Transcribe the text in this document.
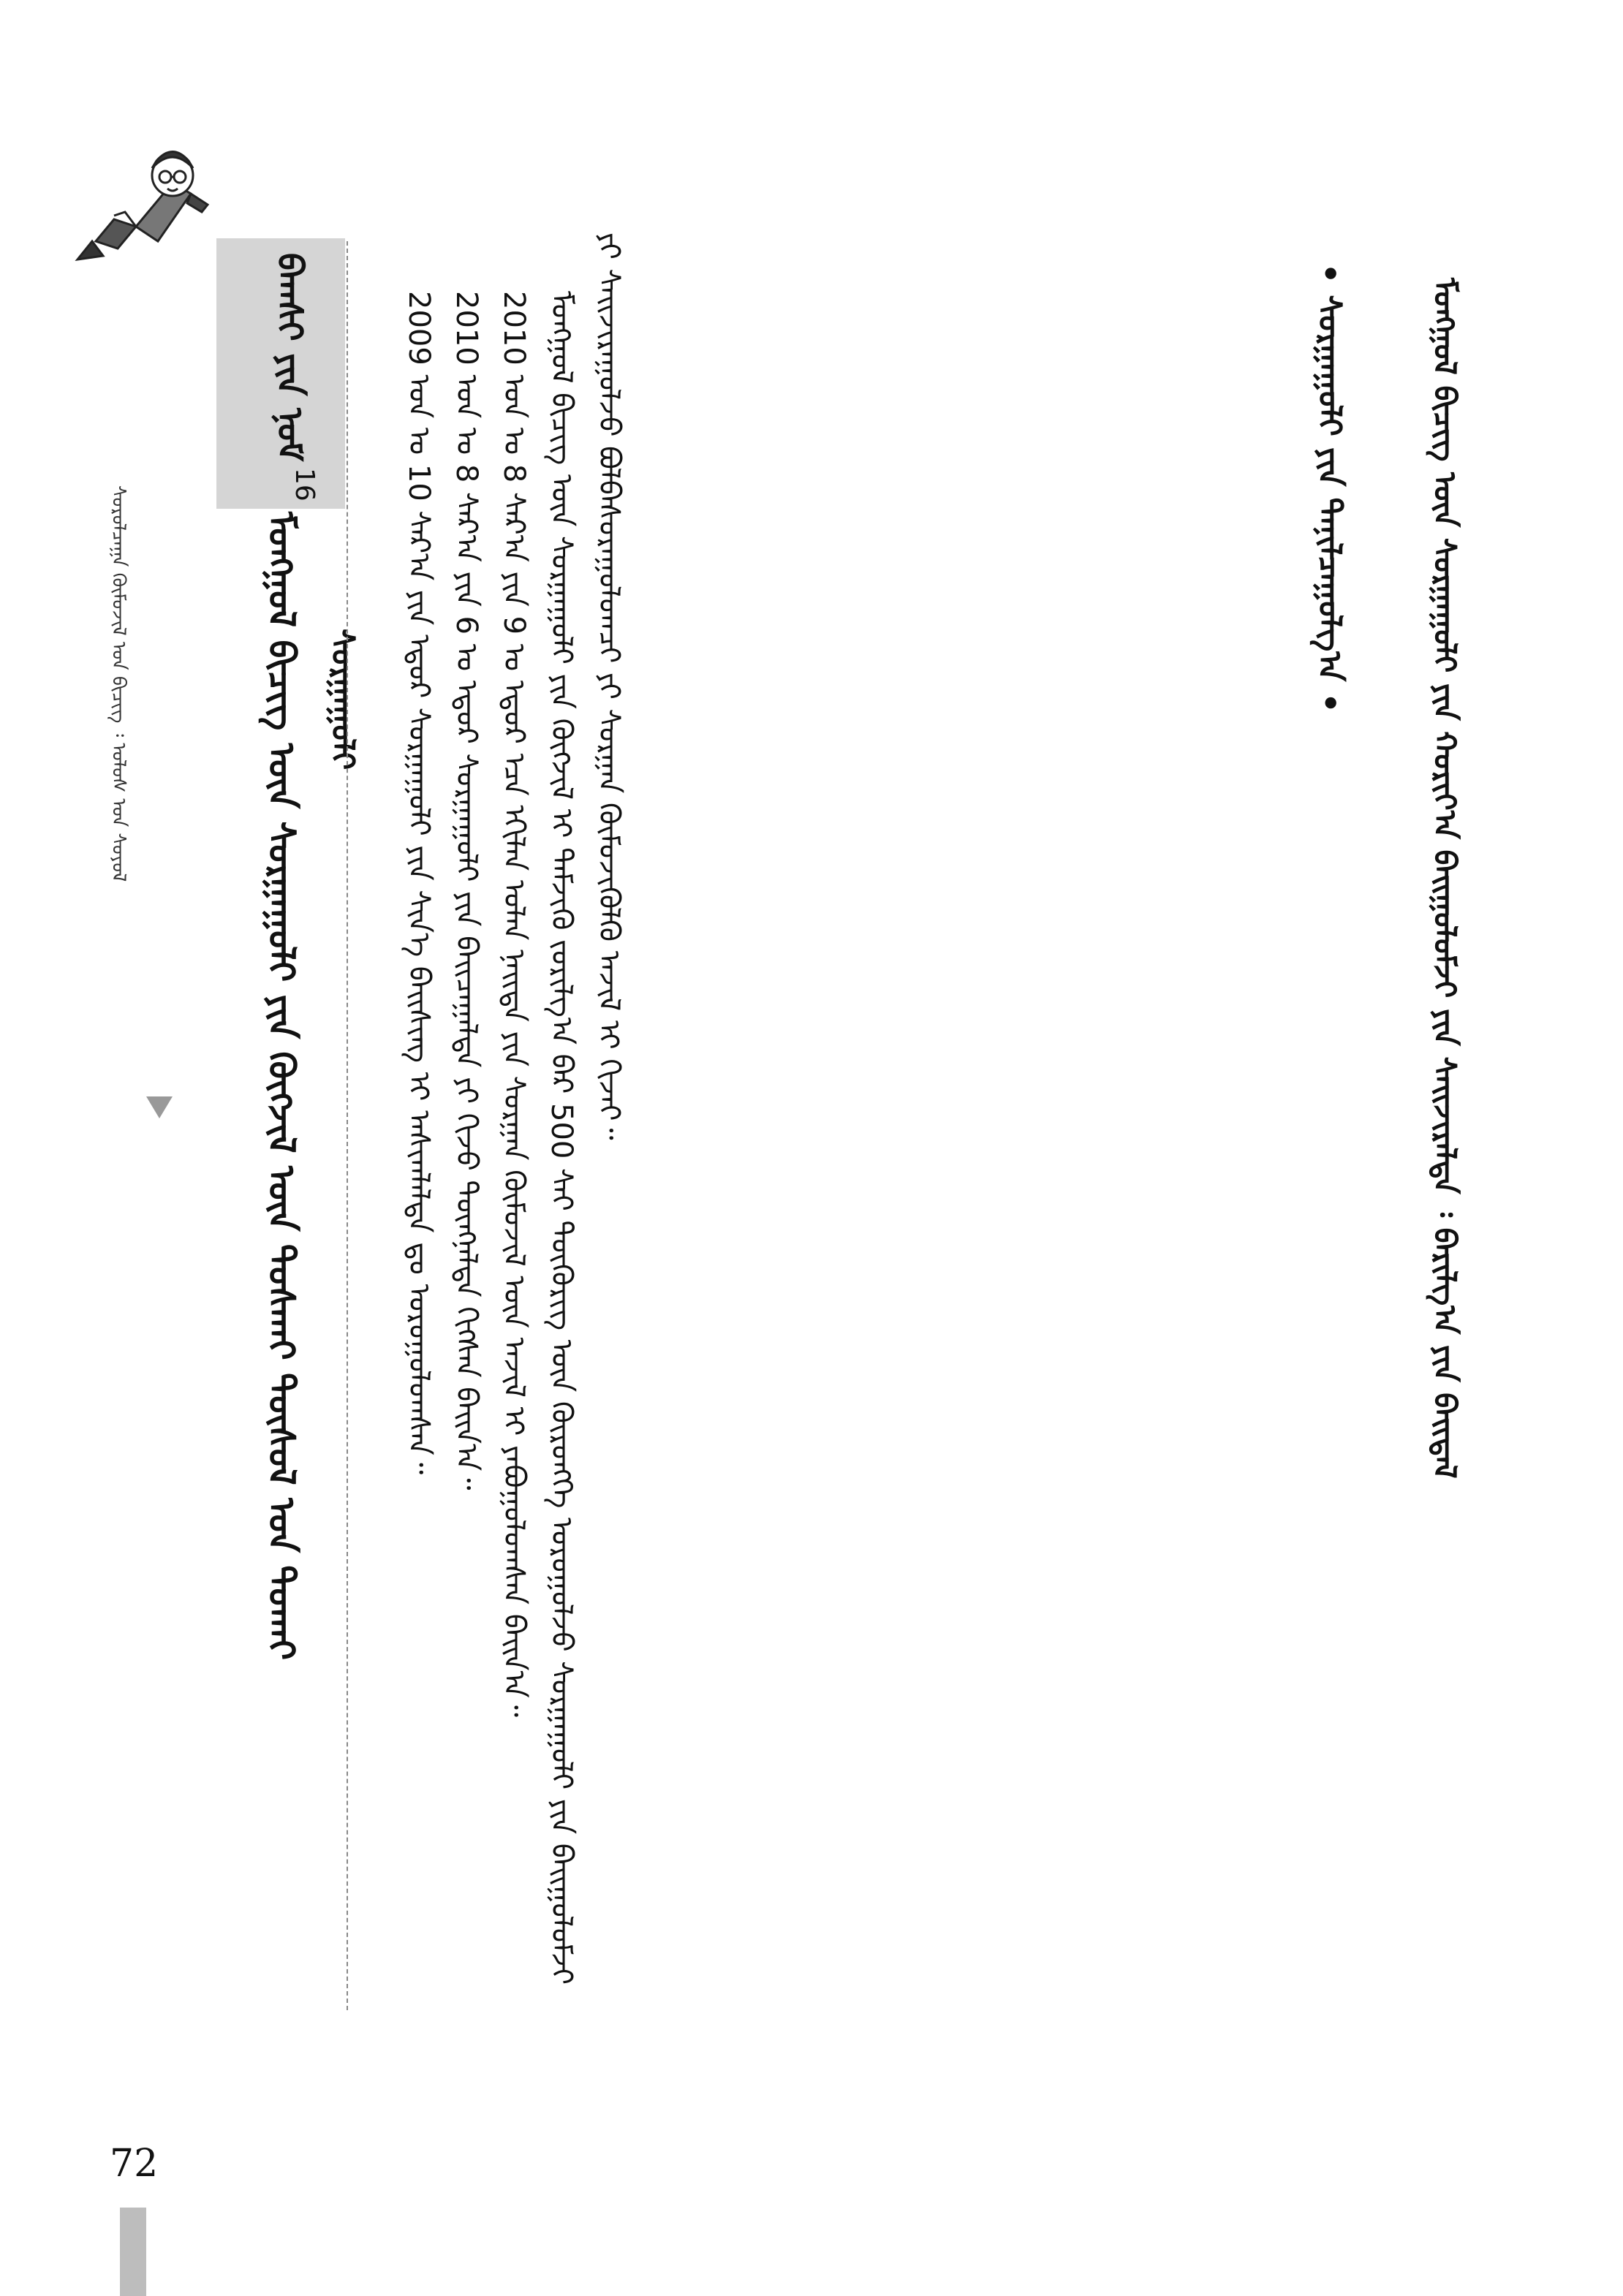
ᠰᠤᠷᠤᠯᠴᠠᠭᠠ ᠬᠥᠮᠦᠵᠢᠯ ᠤᠨ ᠪᠢᠴᠢᠭ ᠄ ᠤᠯᠤᠰ ᠤᠨ ᠰᠣᠶᠣᠯ
ᠪᠠᠭᠰᠢ ᠶᠢᠨ ᠨᠣᠮ
16
ᠮᠣᠩᠭᠣᠯ ᠪᠢᠴᠢᠭ ᠦᠨ ᠰᠤᠷᠭᠠᠭᠤᠯᠢ ᠶᠢᠨ ᠬᠥᠭᠵᠢᠯ ᠦᠨ ᠲᠤᠰᠬᠠᠢ ᠲᠥᠰᠥᠯ ᠤᠨ ᠲᠤᠬᠠᠢ ᠰᠤᠷᠭᠠᠭᠤᠯᠢ	2009 ᠣᠨ ᠤ 10 ᠰᠠᠷ᠎ᠠ ᠶᠢᠨ ᠡᠳᠦᠷ ᠰᠤᠷᠭᠠᠭᠤᠯᠢ ᠶᠢᠨ ᠰᠢᠨ᠎ᠡ ᠪᠠᠢᠰᠢᠩ ᠢ ᠠᠰᠢᠭᠯᠠᠯᠲᠠ ᠳᠤ ᠣᠷᠣᠭᠤᠯᠤᠭᠰᠠᠨ᠃ 2010 ᠣᠨ ᠤ 8 ᠰᠠᠷ᠎ᠠ ᠶᠢᠨ 6 ᠤ ᠡᠳᠦᠷ ᠰᠤᠷᠭᠠᠭᠤᠯᠢ ᠶᠢᠨ ᠪᠠᠢᠴᠠᠭᠠᠯᠲᠠ ᠶᠢ ᠬᠢᠵᠦ ᠳᠦᠩᠨᠡᠯᠲᠡ ᠬᠢᠭᠰᠡᠨ ᠪᠠᠢᠨ᠎ᠠ᠃ 2010 ᠣᠨ ᠤ 8 ᠰᠠᠷ᠎ᠠ ᠶᠢᠨ 9 ᠤ ᠡᠳᠦᠷ ᠡᠴᠡ ᠡᠬᠢᠯᠡᠨ ᠣᠯᠠᠨ ᠨᠡᠢᠲᠡ ᠶᠢᠨ ᠰᠤᠷᠭᠠᠨ ᠬᠦᠮᠦᠵᠢᠯ ᠦᠨ ᠠᠵᠢᠯ ᠢ ᠶᠠᠪᠤᠭᠤᠯᠤᠭᠰᠠᠨ ᠪᠠᠢᠨ᠎ᠠ᠃ ᠮᠣᠩᠭᠣᠯ ᠪᠢᠴᠢᠭ ᠦᠨ ᠰᠤᠷᠭᠠᠭᠤᠯᠢ ᠶᠢᠨ ᠬᠥᠭᠵᠢᠯ ᠢ ᠳᠡᠮᠵᠢᠬᠦ ᠵᠣᠷᠢᠯᠭ᠎ᠠ ᠪᠠᠷ 500 ᠰᠠᠢ ᠲᠥᠭᠦᠷᠢᠭ ᠦᠨ ᠬᠥᠷᠥᠩᠭᠡ ᠣᠷᠣᠭᠤᠯᠵᠤ ᠰᠤᠷᠭᠠᠭᠤᠯᠢ ᠶᠢᠨ ᠪᠠᠢᠭᠤᠯᠤᠮᠵᠢ ᠶᠢ ᠰᠠᠢᠵᠢᠷᠠᠭᠤᠯᠵᠤ ᠪᠣᠯᠪᠠᠰᠤᠷᠠᠭᠤᠯᠤᠭᠴᠢ ᠶᠢ ᠰᠤᠷᠭᠠᠨ ᠬᠦᠮᠦᠵᠢᠭᠦᠯᠬᠦ ᠠᠵᠢᠯ ᠢ ᠬᠢᠵᠡᠢ᠃	• ᠰᠤᠷᠭᠠᠭᠤᠯᠢ ᠶᠢᠨ ᠲᠠᠨᠢᠯᠴᠠᠭᠤᠯᠭ᠎ᠠ •	ᠮᠣᠩᠭᠣᠯ ᠪᠢᠴᠢᠭ ᠦᠨ ᠰᠤᠷᠭᠠᠭᠤᠯᠢ ᠶᠢᠨ ᠬᠣᠷᠢᠶ᠎ᠠ ᠪᠠᠢᠭᠤᠯᠤᠮᠵᠢ ᠶᠢᠨ ᠰᠠᠢᠵᠢᠷᠠᠯᠲᠠ ᠄ ᠪᠠᠷᠢᠯᠭ᠎ᠠ ᠶᠢᠨ ᠪᠠᠢᠳᠠᠯ
72
